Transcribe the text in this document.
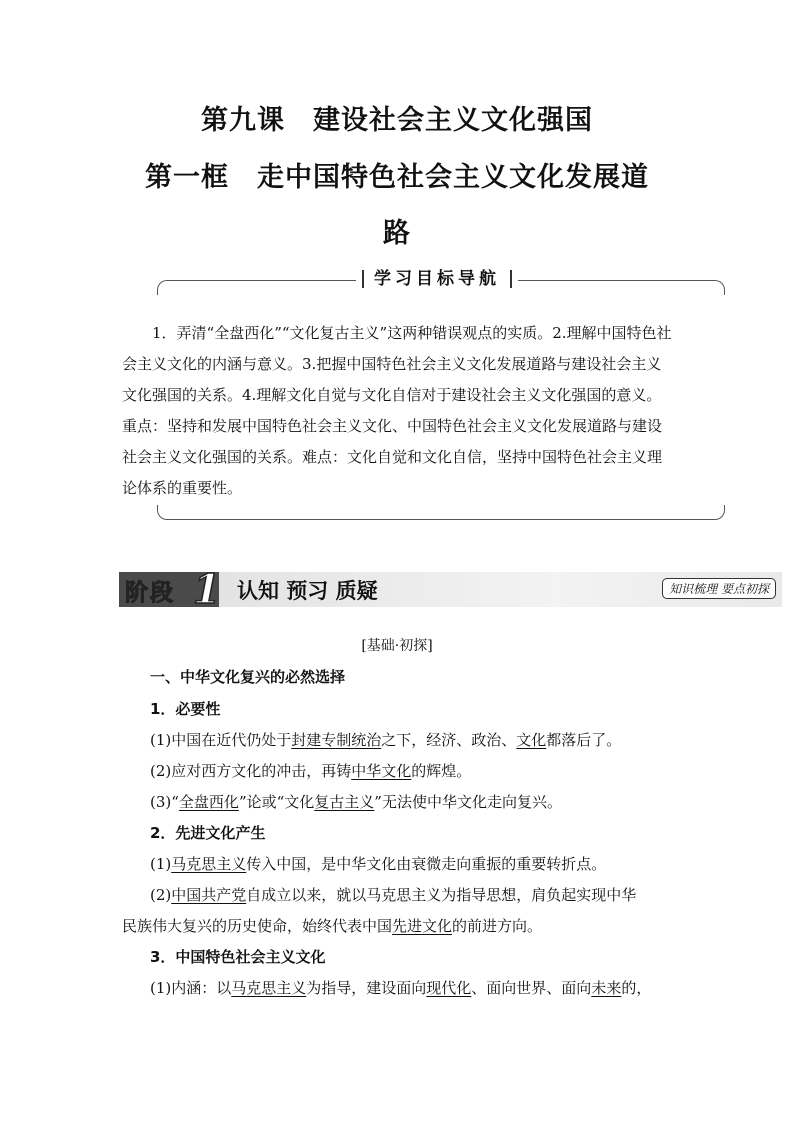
第九课　建设社会主义文化强国
第一框　走中国特色社会主义文化发展道
路
学习目标导航

1．弄清“全盘西化”“文化复古主义”这两种错误观点的实质。2.理解中国特色社会主义文化的内涵与意义。3.把握中国特色社会主义文化发展道路与建设社会主义文化强国的关系。4.理解文化自觉与文化自信对于建设社会主义文化强国的意义。重点：坚持和发展中国特色社会主义文化、中国特色社会主义文化发展道路与建设社会主义文化强国的关系。难点：文化自觉和文化自信，坚持中国特色社会主义理论体系的重要性。

阶段 1 认知 预习 质疑	知识梳理 要点初探
[基础·初探]

一、中华文化复兴的必然选择

1．必要性

(1)中国在近代仍处于封建专制统治之下，经济、政治、文化都落后了。

(2)应对西方文化的冲击，再铸中华文化的辉煌。

(3)“全盘西化”论或“文化复古主义”无法使中华文化走向复兴。

2．先进文化产生

(1)马克思主义传入中国，是中华文化由衰微走向重振的重要转折点。

(2)中国共产党自成立以来，就以马克思主义为指导思想，肩负起实现中华

民族伟大复兴的历史使命，始终代表中国先进文化的前进方向。

3．中国特色社会主义文化

(1)内涵：以马克思主义为指导，建设面向现代化、面向世界、面向未来的，
